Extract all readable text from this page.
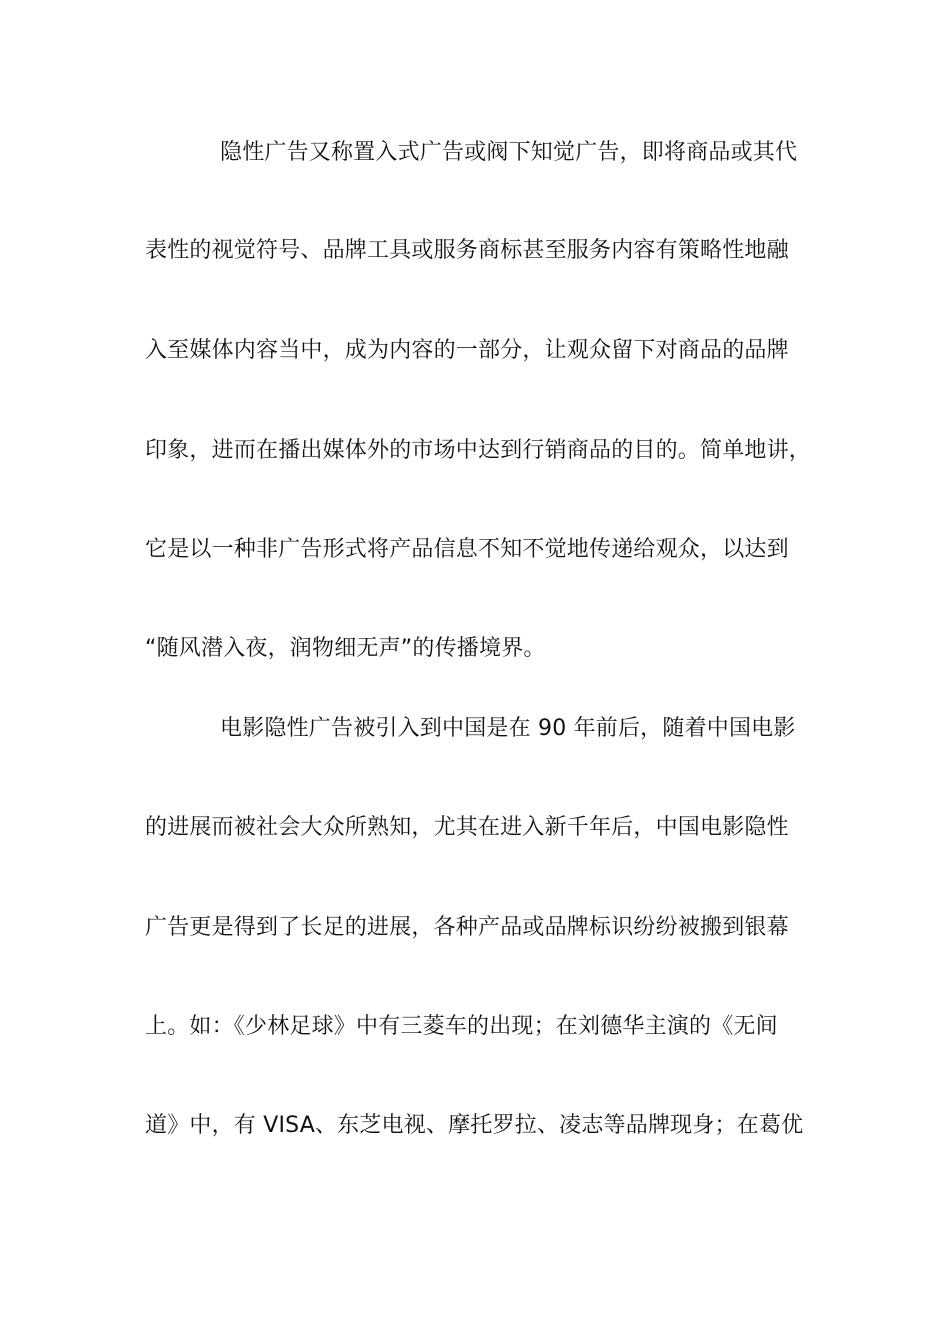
隐性广告又称置入式广告或阀下知觉广告，即将商品或其代
表性的视觉符号、品牌工具或服务商标甚至服务内容有策略性地融
入至媒体内容当中，成为内容的一部分，让观众留下对商品的品牌
印象，进而在播出媒体外的市场中达到行销商品的目的。简单地讲，
它是以一种非广告形式将产品信息不知不觉地传递给观众，以达到
“随风潜入夜，润物细无声”的传播境界。
电影隐性广告被引入到中国是在 90 年前后，随着中国电影
的进展而被社会大众所熟知，尤其在进入新千年后，中国电影隐性
广告更是得到了长足的进展，各种产品或品牌标识纷纷被搬到银幕
上。如：《少林足球》中有三菱车的出现；在刘德华主演的《无间
道》中，有 VISA、东芝电视、摩托罗拉、凌志等品牌现身；在葛优
